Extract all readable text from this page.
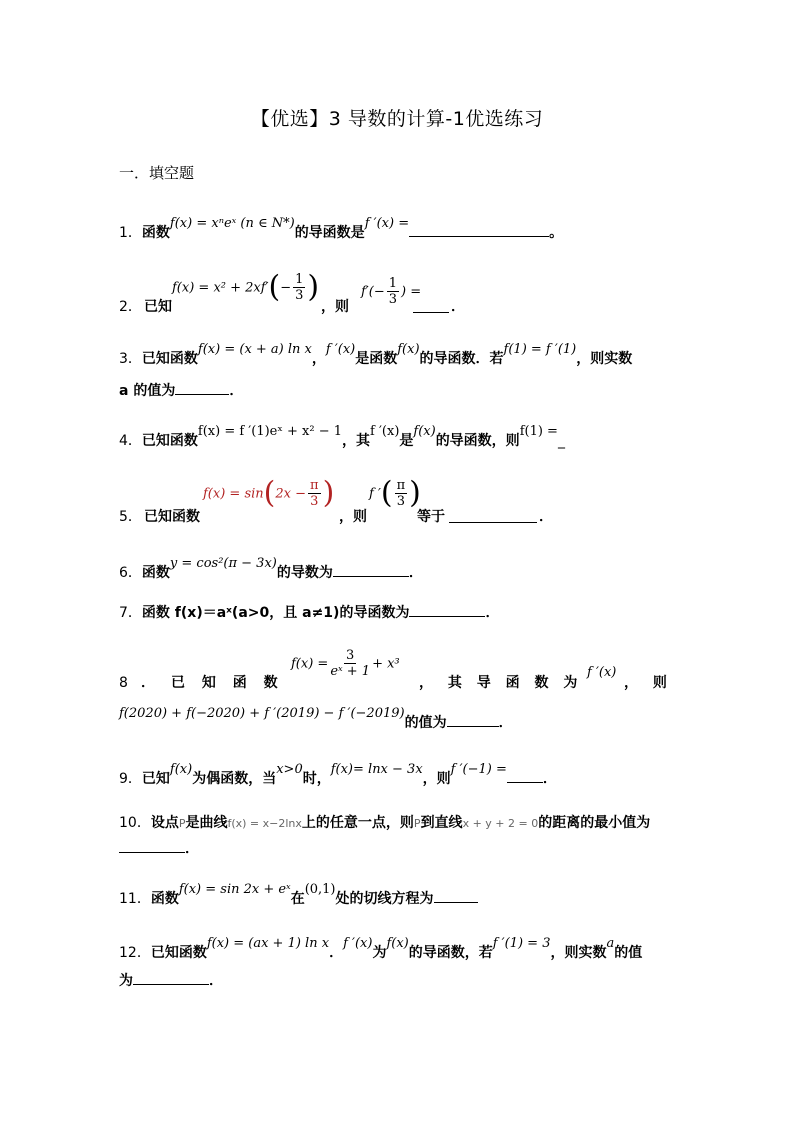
【优选】3 导数的计算-1优选练习
一．填空题
1．函数f(x) = xⁿeˣ (n ∈ N*)的导函数是f ′(x) =。
2． 已知
$f(x) = x^2 + 2xf'(- \frac{1}{3}$ )
，则
$f'(- \frac{1}{3}$ ) =
．
3．已知函数f(x) = (x + a) ln x，f ′(x)是函数f(x)的导函数．若f(1) = f ′(1)，则实数
a 的值为	．
4．已知函数f(x) = f ′(1)eˣ + x² − 1，其f ′(x)是f(x)的导函数，则f(1) =_
5． 已知函数
$f(x) = \sin(2x - \frac{\pi}{3}$ )
，则
f ′( $\frac{\pi}{3}$ )
等于	．
6．函数y = cos²(π − 3x)的导数为	．
7．函数 f(x)＝aˣ(a>0，且 a≠1)的导函数为	．
8 ． 已 知 函 数
$f(x) = \frac{3}{\text{eˣ + 1}} + x^3$
， 其 导 函 数 为
f ′(x)
， 则
f(2020) + f(−2020) + f ′(2019) − f ′(−2019)的值为	．
9．已知f(x)为偶函数，当x>0时，f(x)= lnx − 3x，则f ′(−1) =．
10．设点P是曲线f(x) = x−2lnx上的任意一点，则P到直线x + y + 2 = 0的距离的最小值为
．
11．函数f(x) = sin 2x + eˣ在(0,1)处的切线方程为
12．已知函数f(x) = (ax + 1) ln x．f ′(x)为f(x)的导函数，若f ′(1) = 3，则实数a的值
为	．
